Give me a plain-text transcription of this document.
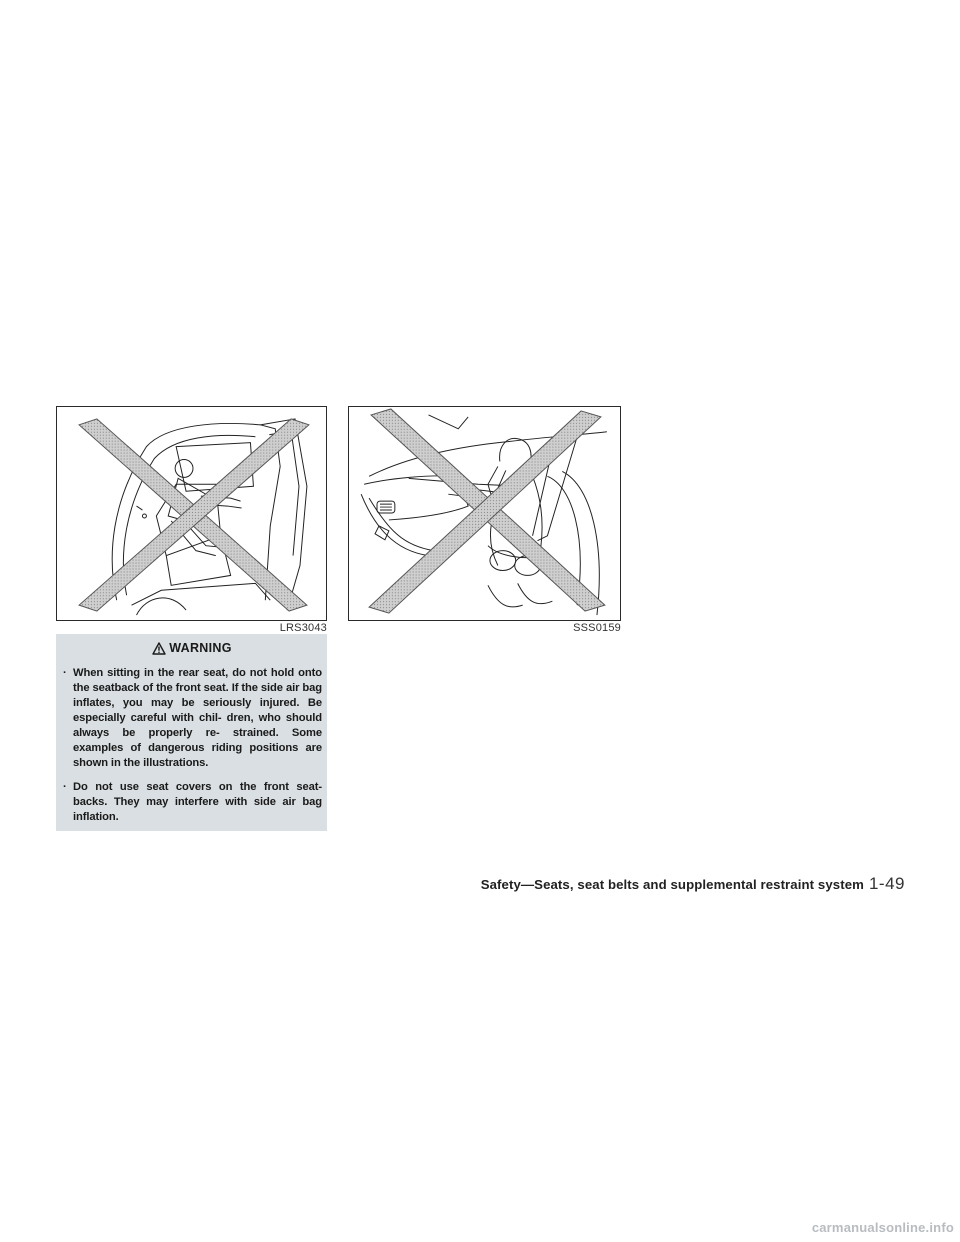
LRS3043	SSS0159
WARNING
· When sitting in the rear seat, do not hold onto the seatback of the front seat. If the side air bag inflates, you may be seriously injured. Be especially careful with chil- dren, who should always be properly re- strained. Some examples of dangerous riding positions are shown in the illustrations.
· Do not use seat covers on the front seat- backs. They may interfere with side air bag inflation.
Safety—Seats, seat belts and supplemental restraint system 1-49
carmanualsonline.info
